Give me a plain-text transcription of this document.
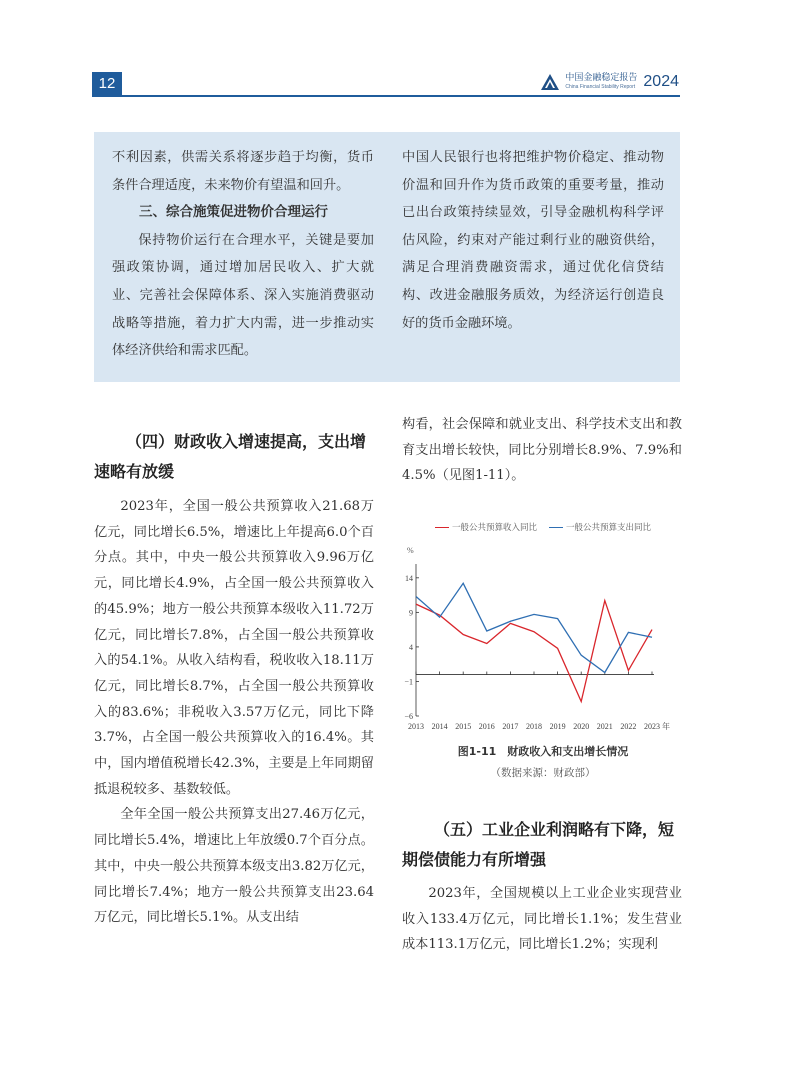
12	中国金融稳定报告
China Financial Stability Report 2024

不利因素，供需关系将逐步趋于均衡，货币条件合理适度，未来物价有望温和回升。

三、综合施策促进物价合理运行

保持物价运行在合理水平，关键是要加强政策协调，通过增加居民收入、扩大就业、完善社会保障体系、深入实施消费驱动战略等措施，着力扩大内需，进一步推动实体经济供给和需求匹配。

中国人民银行也将把维护物价稳定、推动物价温和回升作为货币政策的重要考量，推动已出台政策持续显效，引导金融机构科学评估风险，约束对产能过剩行业的融资供给，满足合理消费融资需求，通过优化信贷结构、改进金融服务质效，为经济运行创造良好的货币金融环境。

（四）财政收入增速提高，支出增速略有放缓

2023年，全国一般公共预算收入21.68万亿元，同比增长6.5%，增速比上年提高6.0个百分点。其中，中央一般公共预算收入9.96万亿元，同比增长4.9%，占全国一般公共预算收入的45.9%；地方一般公共预算本级收入11.72万亿元，同比增长7.8%，占全国一般公共预算收入的54.1%。从收入结构看，税收收入18.11万亿元，同比增长8.7%，占全国一般公共预算收入的83.6%；非税收入3.57万亿元，同比下降3.7%，占全国一般公共预算收入的16.4%。其中，国内增值税增长42.3%，主要是上年同期留抵退税较多、基数较低。

全年全国一般公共预算支出27.46万亿元，同比增长5.4%，增速比上年放缓0.7个百分点。其中，中央一般公共预算本级支出3.82万亿元，同比增长7.4%；地方一般公共预算支出23.64万亿元，同比增长5.1%。从支出结

构看，社会保障和就业支出、科学技术支出和教育支出增长较快，同比分别增长8.9%、7.9%和4.5%（见图1-11）。

一般公共预算收入同比	一般公共预算支出同比
%
14
9
4
−1
−6
2013 2014 2015 2016 2017 2018 2019 2020 2021 2022 2023 年
图1-11　财政收入和支出增长情况
（数据来源：财政部）
（五）工业企业利润略有下降，短期偿债能力有所增强

2023年，全国规模以上工业企业实现营业收入133.4万亿元，同比增长1.1%；发生营业成本113.1万亿元，同比增长1.2%；实现利
